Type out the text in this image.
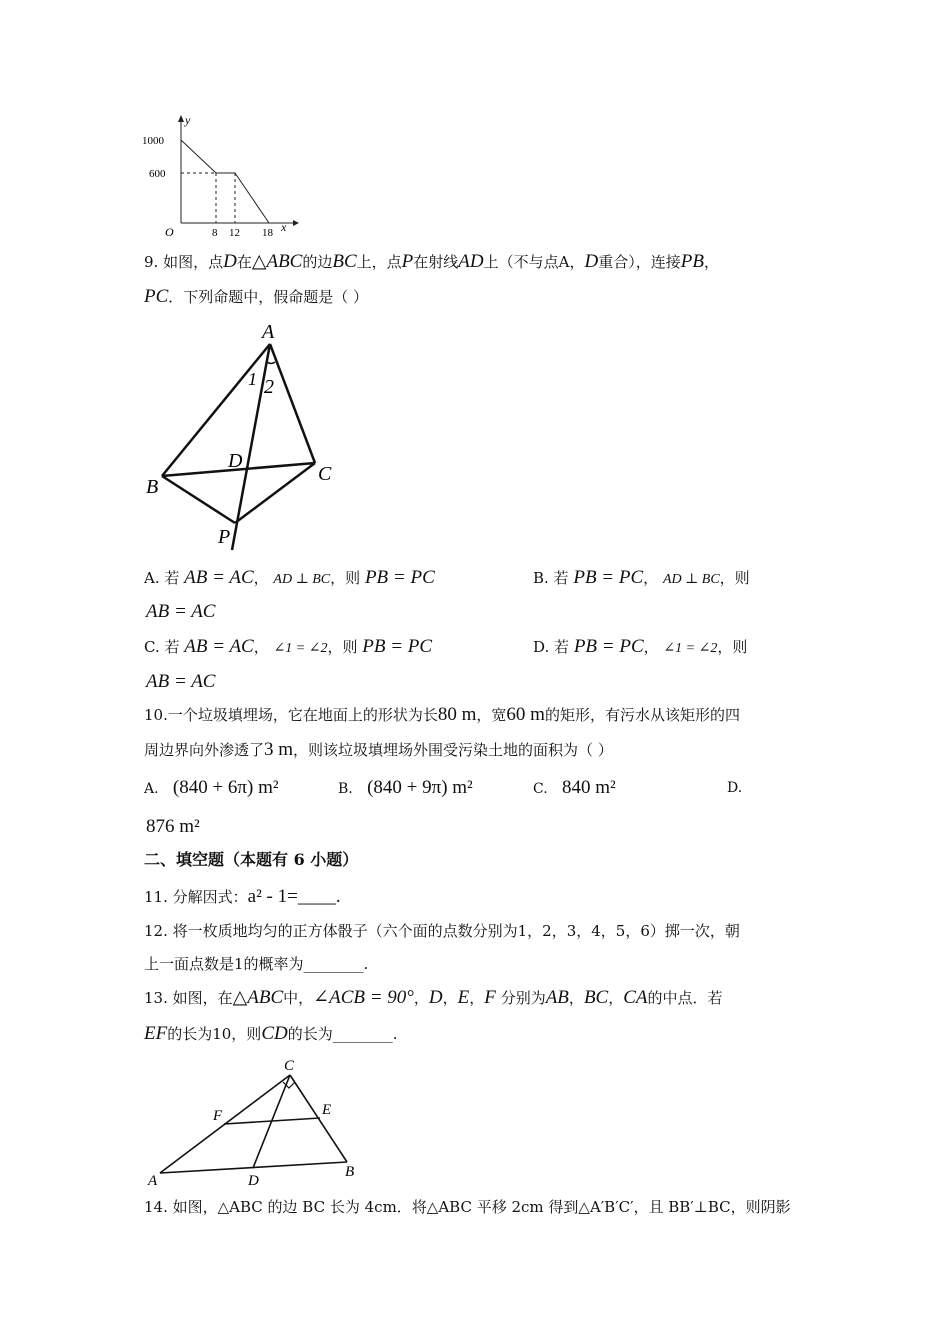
y
x
O
1000
600
8 12 18
9. 如图，点D在△ABC的边BC上，点P在射线AD上（不与点A，D重合），连接PB，
PC．下列命题中，假命题是（ ）
A
B
C
D
P
1 2
A. 若 AB = AC， AD ⊥ BC，则 PB = PC	B. 若 PB = PC， AD ⊥ BC，则
AB = AC
C. 若 AB = AC， ∠1 = ∠2，则 PB = PC	D. 若 PB = PC， ∠1 = ∠2，则
AB = AC
10.一个垃圾填埋场，它在地面上的形状为长80 m，宽60 m的矩形，有污水从该矩形的四
周边界向外渗透了3 m，则该垃圾填埋场外围受污染土地的面积为（ ）
A. (840 + 6π) m²	B. (840 + 9π) m²	C. 840 m²	D.
876 m²
二、填空题（本题有 6 小题）
11. 分解因式：a² - 1=____.
12. 将一枚质地均匀的正方体骰子（六个面的点数分别为1，2，3，4，5，6）掷一次，朝
上一面点数是1的概率为________.
13. 如图，在△ABC中，∠ACB = 90°，D，E，F 分别为AB，BC，CA的中点．若
EF的长为10，则CD的长为________.
A
B
C
D
E
F
14. 如图，△ABC 的边 BC 长为 4cm．将△ABC 平移 2cm 得到△A′B′C′，且 BB′⊥BC，则阴影
